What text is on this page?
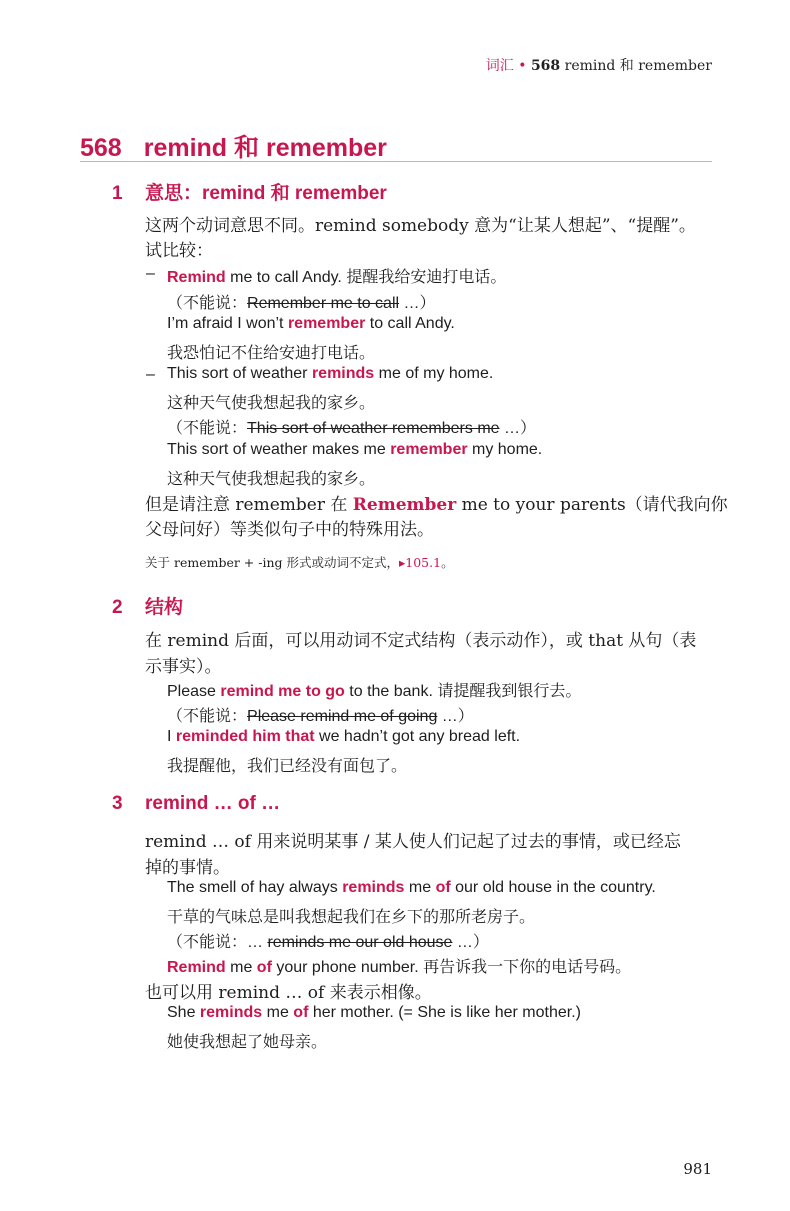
词汇 • 568 remind 和 remember
568 remind 和 remember
1 意思：remind 和 remember
这两个动词意思不同。remind somebody 意为“让某人想起”、“提醒”。
试比较：
– Remind me to call Andy. 提醒我给安迪打电话。
（不能说：Remember me to call …）
I’m afraid I won’t remember to call Andy.
我恐怕记不住给安迪打电话。
– This sort of weather reminds me of my home.
这种天气使我想起我的家乡。
（不能说：This sort of weather remembers me …）
This sort of weather makes me remember my home.
这种天气使我想起我的家乡。
但是请注意 remember 在 Remember me to your parents（请代我向你
父母问好）等类似句子中的特殊用法。
关于 remember + -ing 形式或动词不定式，▸105.1。
2 结构
在 remind 后面，可以用动词不定式结构（表示动作），或 that 从句（表
示事实）。
Please remind me to go to the bank. 请提醒我到银行去。
（不能说：Please remind me of going …）
I reminded him that we hadn’t got any bread left.
我提醒他，我们已经没有面包了。
3 remind … of …
remind … of 用来说明某事 / 某人使人们记起了过去的事情，或已经忘
掉的事情。
The smell of hay always reminds me of our old house in the country.
干草的气味总是叫我想起我们在乡下的那所老房子。
（不能说：… reminds me our old house …）
Remind me of your phone number. 再告诉我一下你的电话号码。
也可以用 remind … of 来表示相像。
She reminds me of her mother. (= She is like her mother.)
她使我想起了她母亲。
981
